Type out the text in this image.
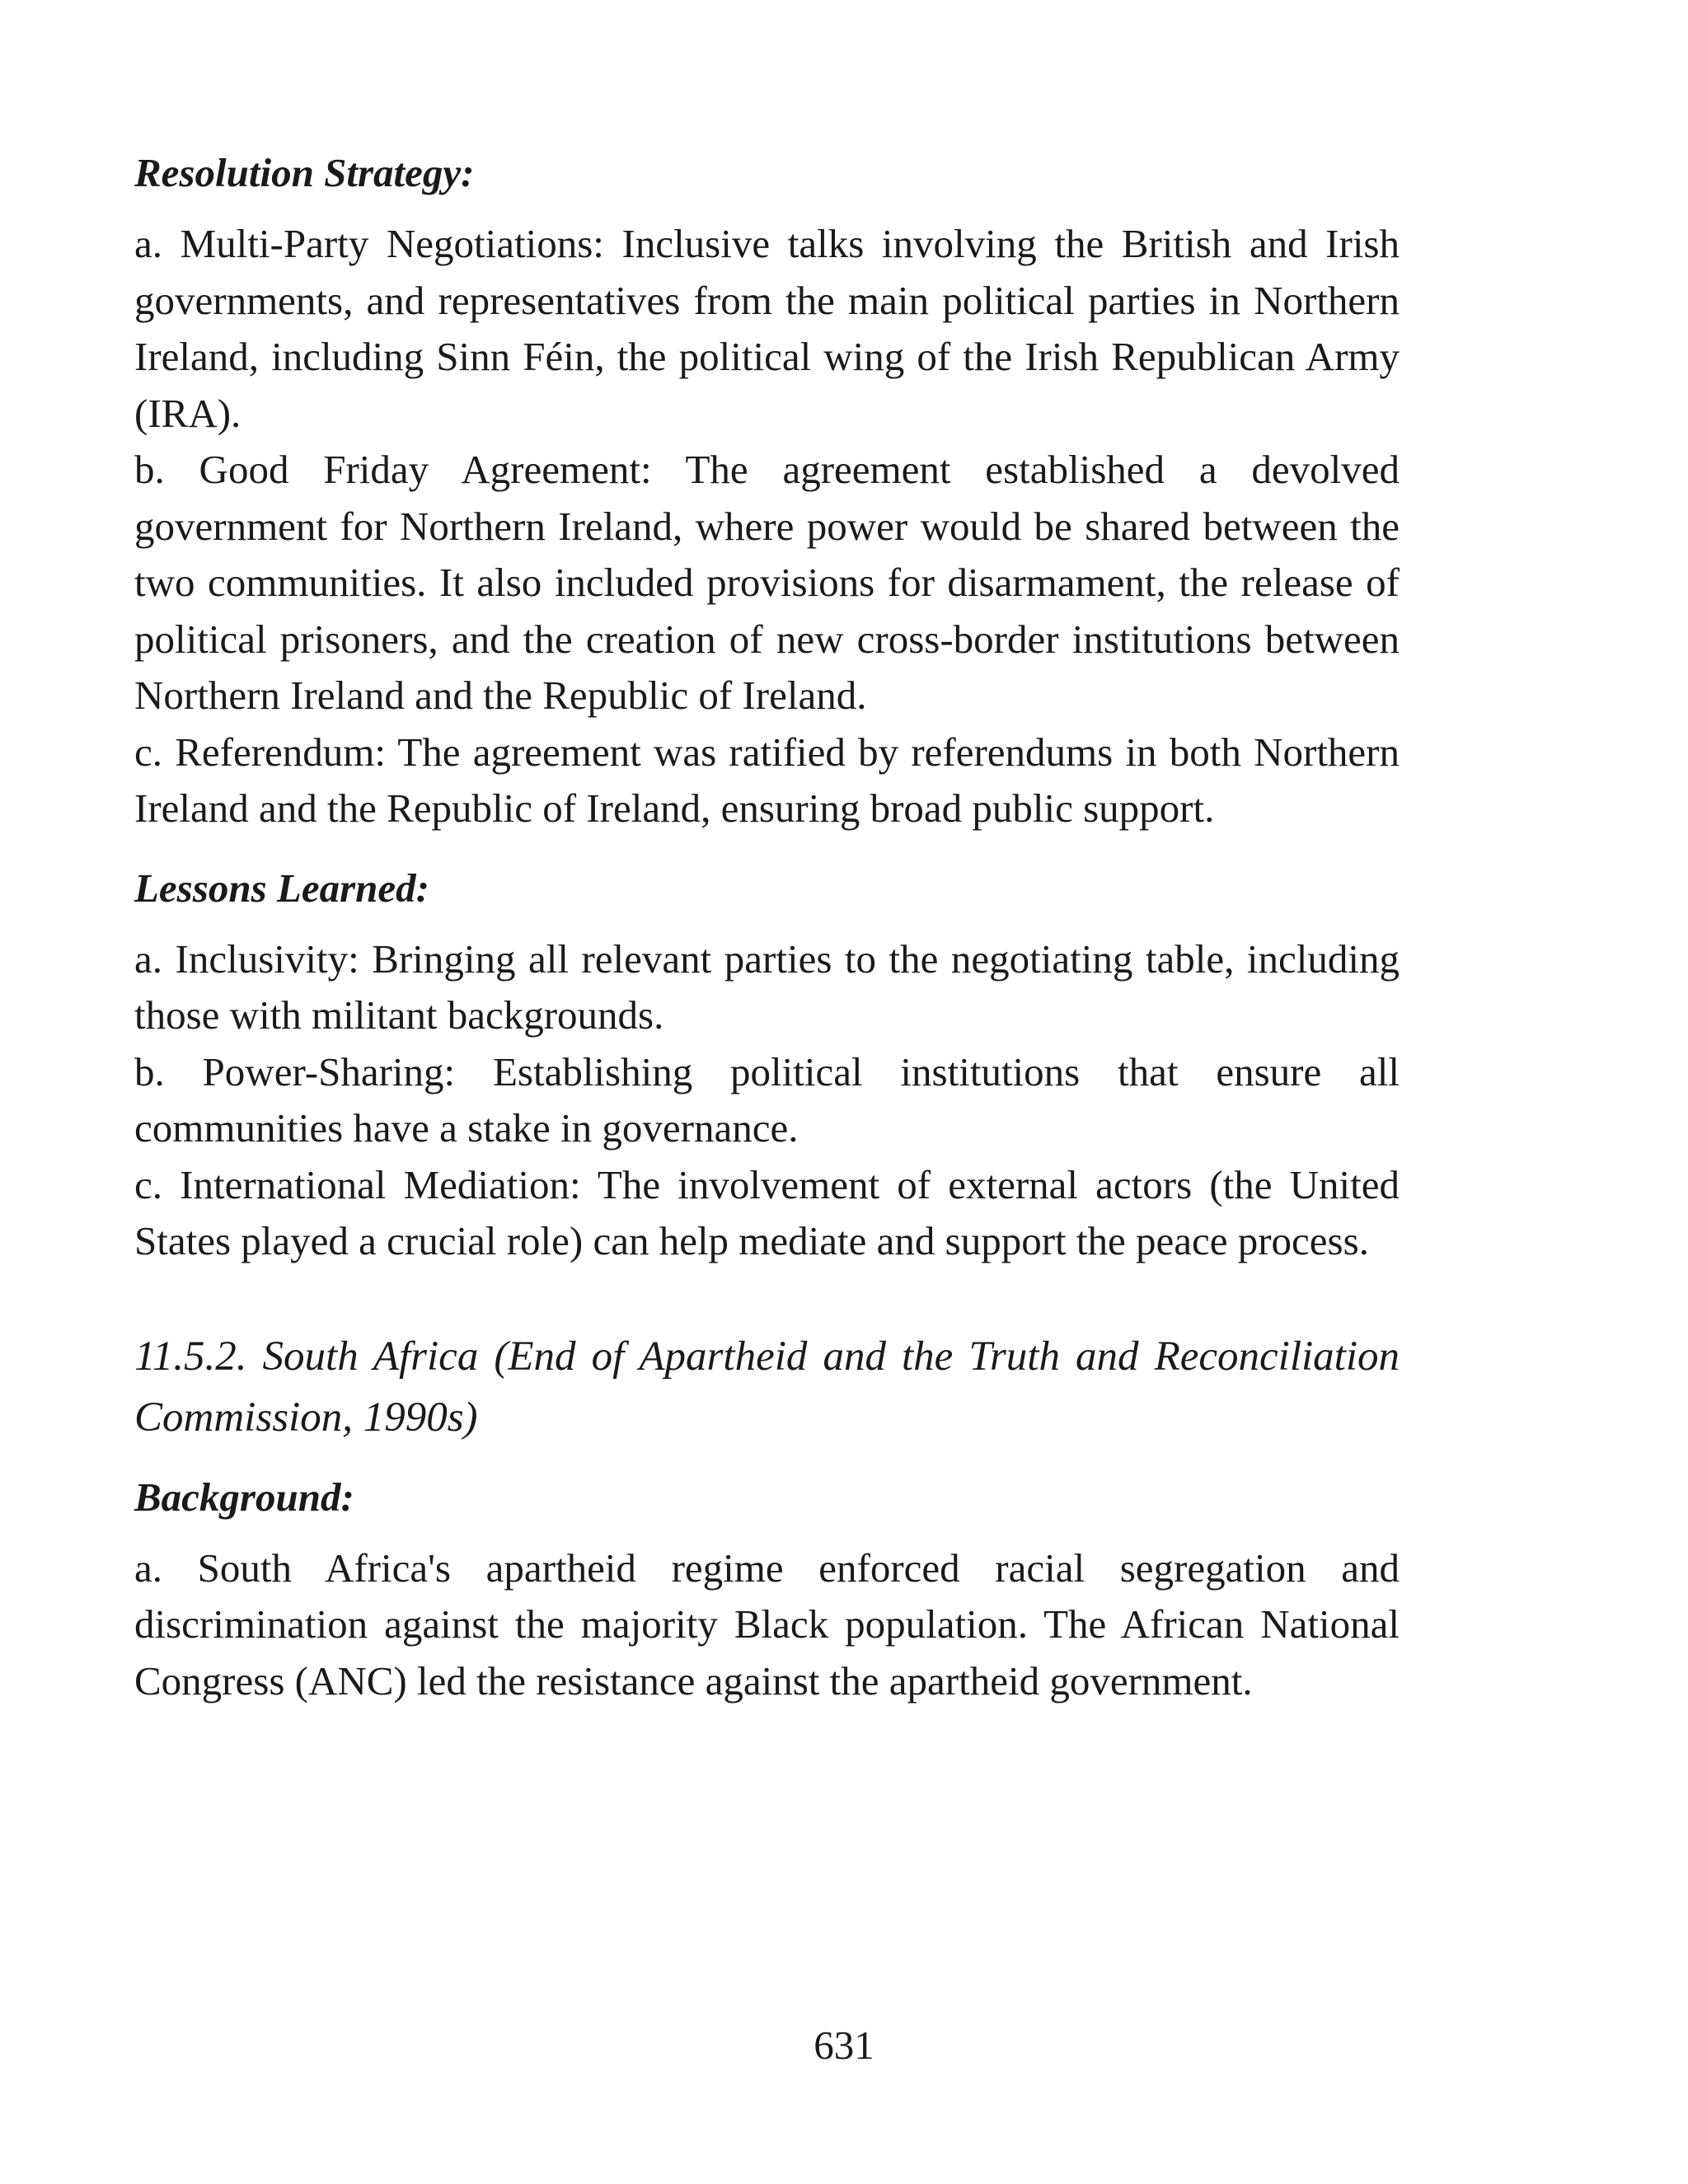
Resolution Strategy:

a. Multi-Party Negotiations: Inclusive talks involving the British and Irish governments, and representatives from the main political parties in Northern Ireland, including Sinn Féin, the political wing of the Irish Republican Army (IRA).

b. Good Friday Agreement: The agreement established a devolved government for Northern Ireland, where power would be shared between the two communities. It also included provisions for disarmament, the release of political prisoners, and the creation of new cross-border institutions between Northern Ireland and the Republic of Ireland.

c. Referendum: The agreement was ratified by referendums in both Northern Ireland and the Republic of Ireland, ensuring broad public support.

Lessons Learned:

a. Inclusivity: Bringing all relevant parties to the negotiating table, including those with militant backgrounds.

b. Power-Sharing: Establishing political institutions that ensure all communities have a stake in governance.

c. International Mediation: The involvement of external actors (the United States played a crucial role) can help mediate and support the peace process.

11.5.2. South Africa (End of Apartheid and the Truth and Reconciliation Commission, 1990s)

Background:

a. South Africa's apartheid regime enforced racial segregation and discrimination against the majority Black population. The African National Congress (ANC) led the resistance against the apartheid government.

631
